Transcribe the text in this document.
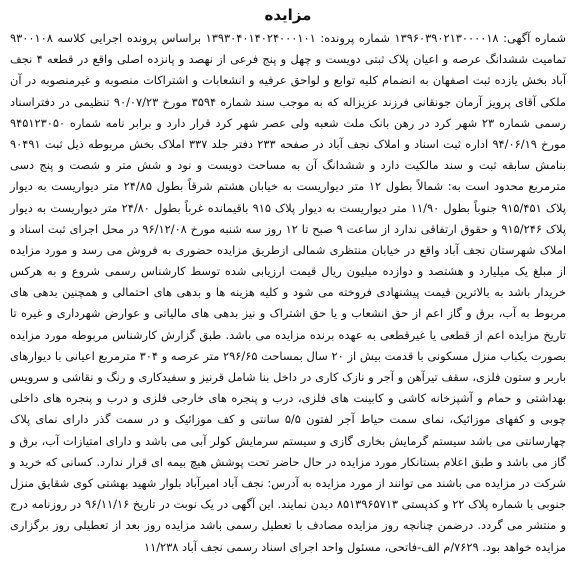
مزایده

شماره آگهی: ۱۳۹۶۰۳۹۰۲۱۳۰۰۰۰۱۸ شماره پرونده: ۱۳۹۳۰۴۰۱۴۰۲۴۰۰۰۱۰۱ براساس پرونده اجرایی کلاسه ۹۳۰۰۱۰۸ تمامیت ششدانگ عرصه و اعیان پلاک ثبتی دویست و چهل و پنج فرعی از نهصد و پانزده اصلی واقع در قطعه ۴ نجف آباد بخش یازده ثبت اصفهان به انضمام کلیه توابع و لواحق عرفیه و انشعابات و اشتراکات منصوبه و غیرمنصوبه در آن ملکی آقای پرویز آرمان جونقانی فرزند عزیزاله که به موجب سند شماره ۳۵۹۴ مورخ ۹۰/۰۷/۲۳ تنظیمی در دفتراسناد رسمی شماره ۲۳ شهر کرد در رهن بانک ملت شعبه ولی عصر شهر کرد قرار دارد و برابر نامه شماره ۹۴۵۱۲۳۰۵۰ مورخ ۹۴/۰۶/۱۹ اداره ثبت اسناد و املاک نجف آباد در صفحه ۲۳۳ دفتر جلد ۳۳۷ املاک بخش مربوطه ذیل ثبت ۹۰۴۹۱ بنامش سابقه ثبت و سند مالکیت دارد و ششدانگ آن به مساحت دویست و نود و شش متر و شصت و پنج دسی مترمربع محدود است به: شمالاً بطول ۱۲ متر دیواریست به خیابان هشتم شرقاً بطول ۲۴/۸۵ متر دیواریست به دیوار پلاک ۹۱۵/۴۵۱ جنوباً بطول ۱۱/۹۰ متر دیواریست به دیوار پلاک ۹۱۵ باقیمانده غرباً بطول ۲۴/۸۰ متر دیواریست به دیوار پلاک ۹۱۵/۲۴۶ و حقوق ارتفاقی ندارد از ساعت ۹ صبح تا ۱۲ روز سه شنبه مورخ ۹۶/۱۲/۰۸ در محل اجرای ثبت اسناد و املاک شهرستان نجف آباد واقع در خیابان منتظری شمالی ازطریق مزایده حضوری به فروش می رسد و مورد مزایده از مبلغ یک میلیارد و هشتصد و دوازده میلیون ریال قیمت ارزیابی شده توسط کارشناس رسمی شروع و به هرکس خریدار باشد به بالاترین قیمت پیشنهادی فروخته می شود و کلیه هزینه ها و بدهی های احتمالی و همچنین بدهی های مربوط به آب، برق و گاز اعم از حق انشعاب و یا حق اشتراک و نیز بدهی های مالیاتی و عوارض شهرداری و غیره تا تاریخ مزایده اعم از قطعی یا غیرقطعی به عهده برنده مزایده می باشد. طبق گزارش کارشناس مربوطه مورد مزایده بصورت یکباب منزل مسکونی با قدمت بیش از ۲۰ سال بمساحت ۲۹۶/۶۵ متر عرصه و ۳۰۴ مترمربع اعیانی با دیوارهای باربر و ستون فلزی، سقف تیرآهن و آجر و نازک کاری در داخل بنا شامل قرنیز و سفیدکاری و رنگ و نقاشی و سرویس بهداشتی و حمام و آشپزخانه کاشی و کابینت های فلزی، درب و پنجره های خارجی فلزی و درب و پنجره های داخلی چوبی و کفهای موزائیک، نمای سمت حیاط آجر لفتون ۵/۵ سانتی و کف موزائیک و در سمت گذر دارای نمای پلاک چهارسانتی می باشد سیستم گرمایش بخاری گازی و سیستم سرمایش کولر آبی می باشد و دارای امتیازات آب، برق و گاز می باشد و طبق اعلام بستانکار مورد مزایده در حال حاضر تحت پوشش هیچ بیمه ای قرار ندارد. کسانی که خرید و شرکت در مزایده می باشند می توانند از مورد مزایده به آدرس: نجف آباد امیرآباد بلوار شهید بهشتی کوی شقایق منزل جنوبی با شماره پلاک ۲۲ و کدپستی ۸۵۱۳۹۶۵۷۱۳ دیدن نمایند. این آگهی در یک نوبت در تاریخ ۹۶/۱۱/۱۶ در روزنامه درج و منتشر می گردد. درضمن چنانچه روز مزایده مصادف با تعطیل رسمی باشد مزایده روز بعد از تعطیلی روز برگزاری مزایده خواهد بود. ۷۶۲۹/م الف-فاتحی، مسئول واحد اجرای اسناد رسمی نجف آباد ۱۱/۲۳۸
